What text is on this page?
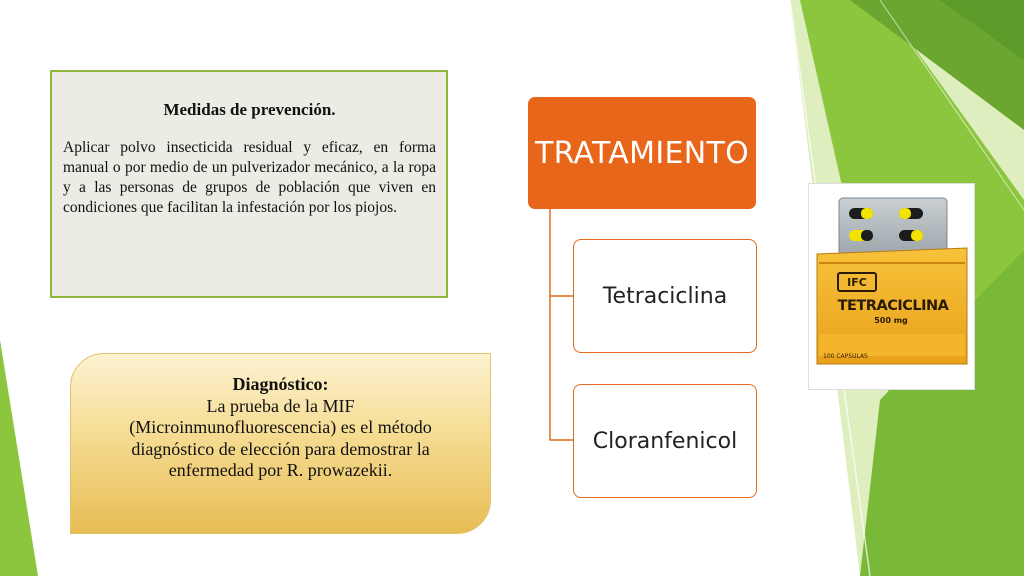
Medidas de prevención.

Aplicar polvo insecticida residual y eficaz, en forma manual o por medio de un pulverizador mecánico, a la ropa y a las personas de grupos de población que viven en condiciones que facilitan la infestación por los piojos.

Diagnóstico:
La prueba de la MIF
(Microinmunofluorescencia) es el método
diagnóstico de elección para demostrar la
enfermedad por R. prowazekii.
TRATAMIENTO
Tetraciclina
Cloranfenicol
IFC
TETRACICLINA
500 mg
100 CAPSULAS
